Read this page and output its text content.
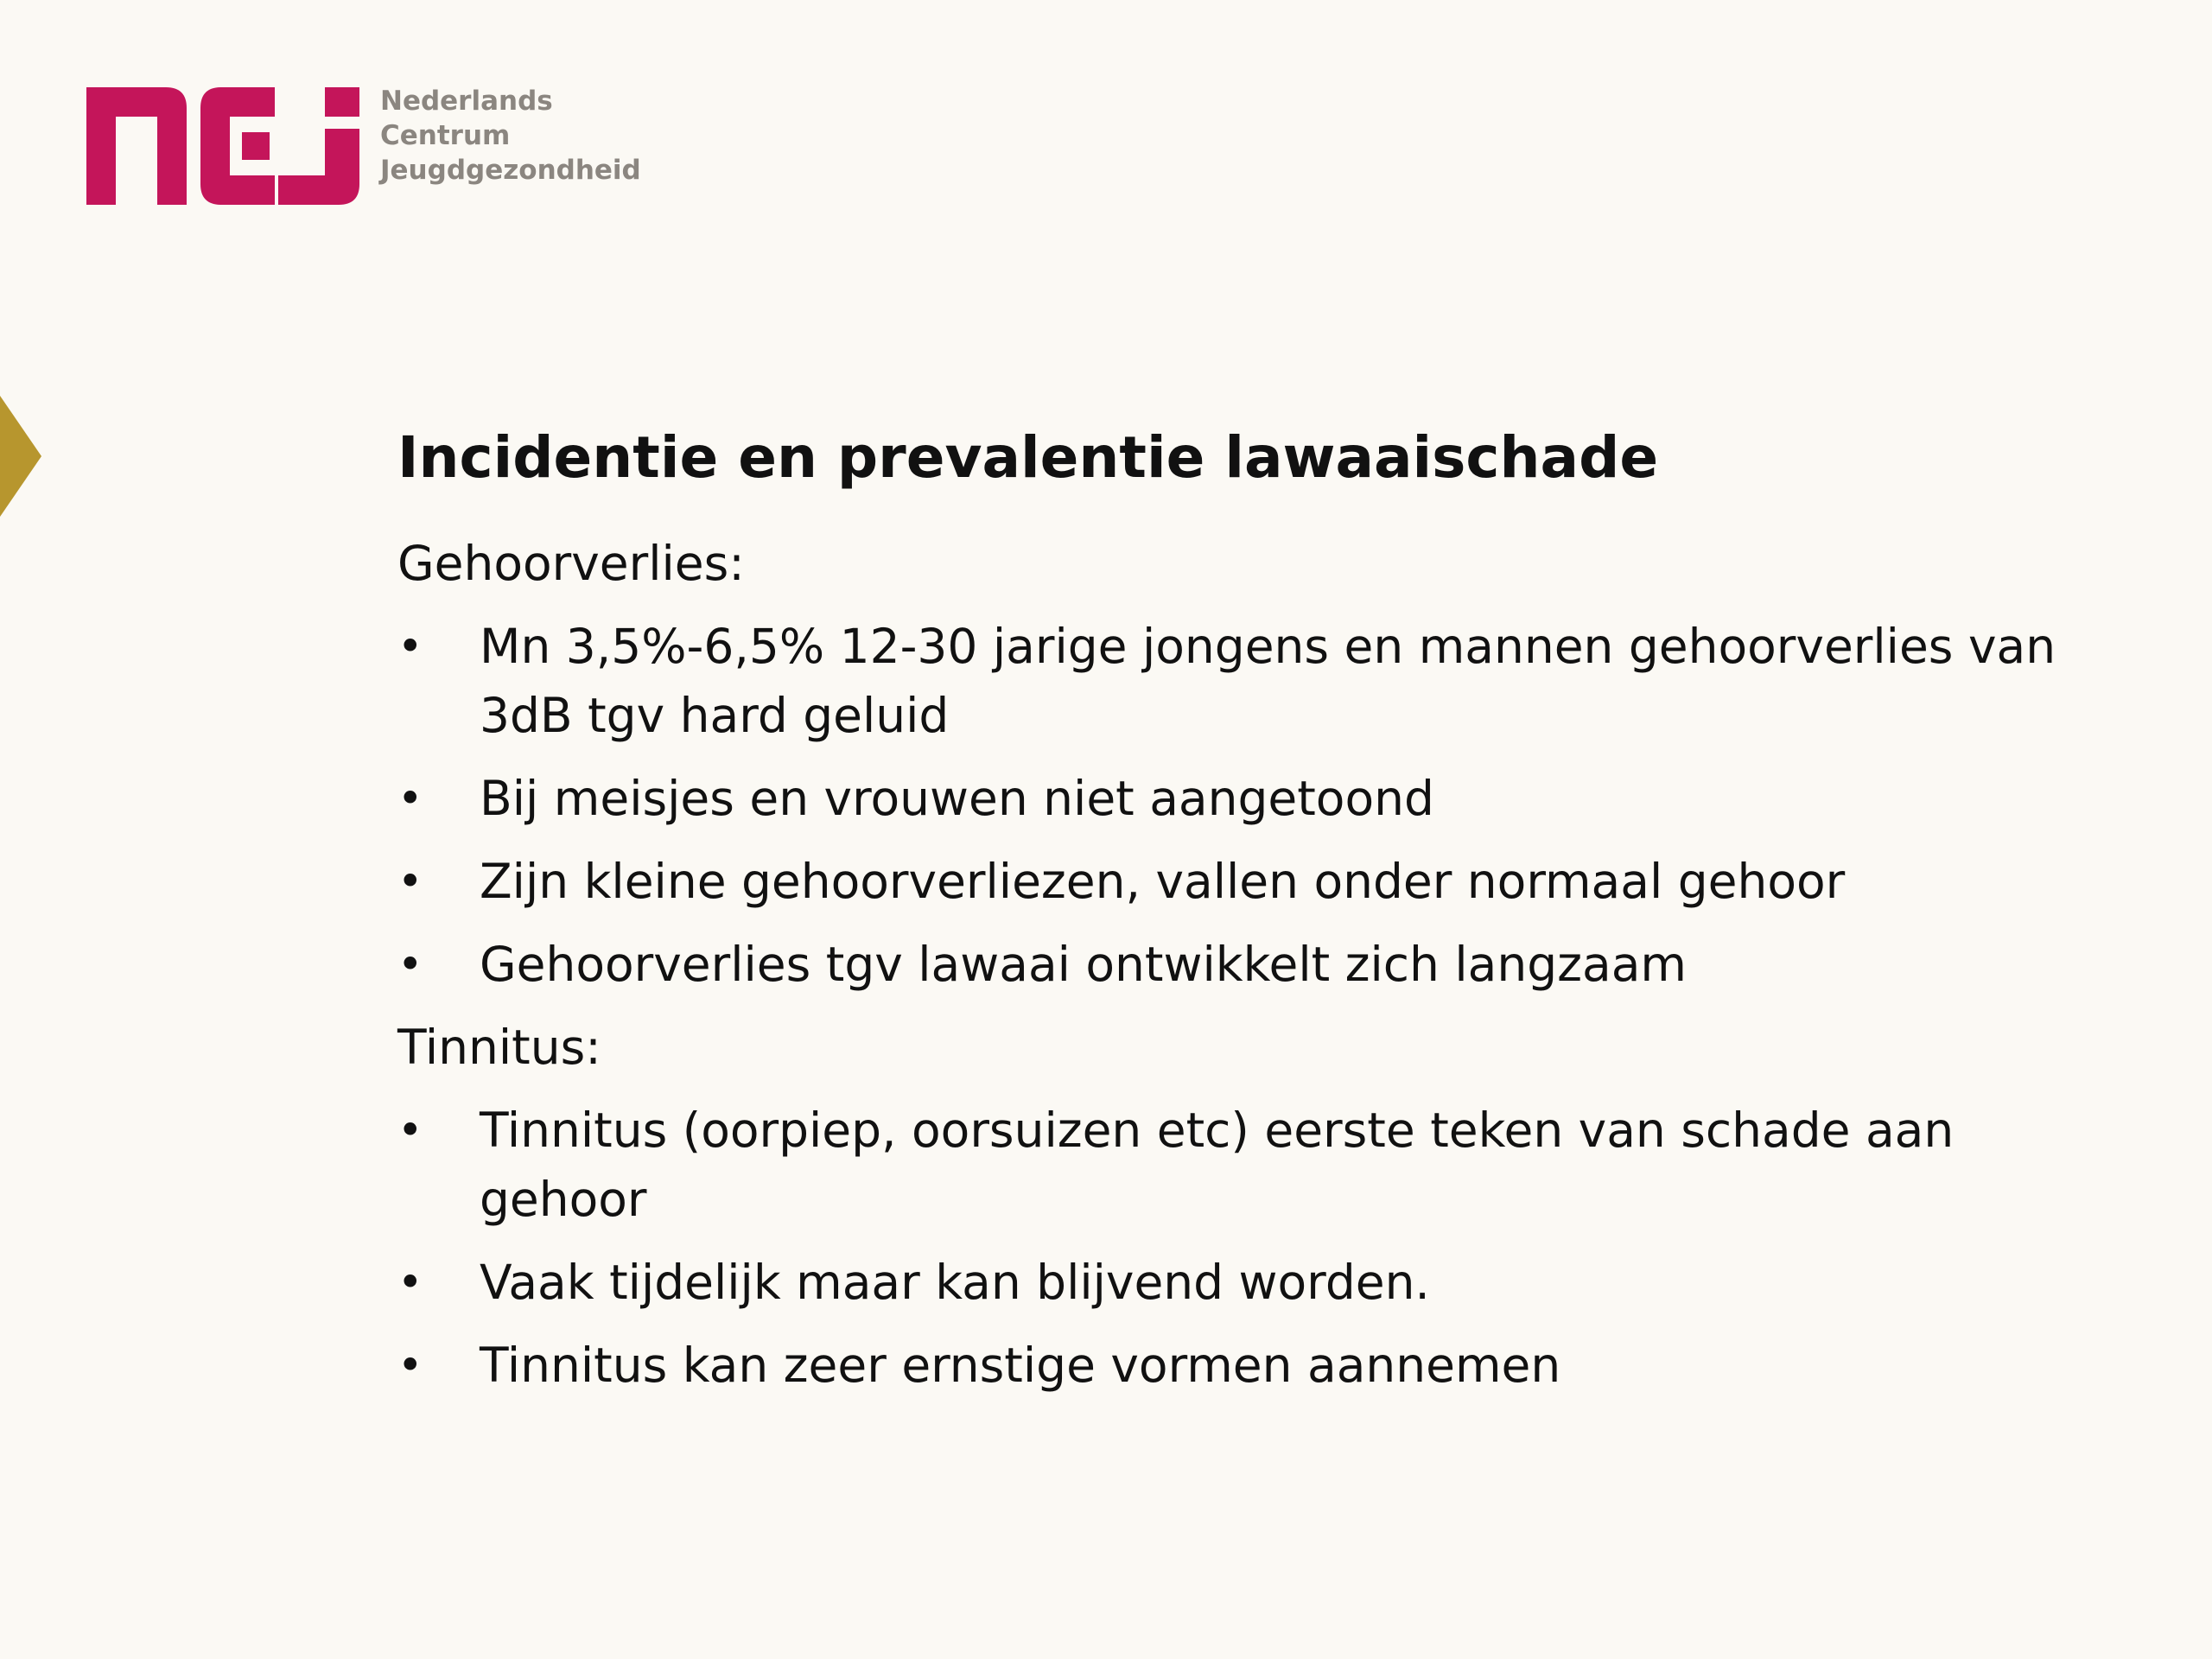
Nederlands
Centrum
Jeugdgezondheid
Incidentie en prevalentie lawaaischade
Gehoorverlies:
• Mn 3,5%-6,5% 12-30 jarige jongens en mannen gehoorverlies van 3dB tgv hard geluid
• Bij meisjes en vrouwen niet aangetoond
• Zijn kleine gehoorverliezen, vallen onder normaal gehoor
• Gehoorverlies tgv lawaai ontwikkelt zich langzaam
Tinnitus:
• Tinnitus (oorpiep, oorsuizen etc) eerste teken van schade aan gehoor
• Vaak tijdelijk maar kan blijvend worden.
• Tinnitus kan zeer ernstige vormen aannemen
